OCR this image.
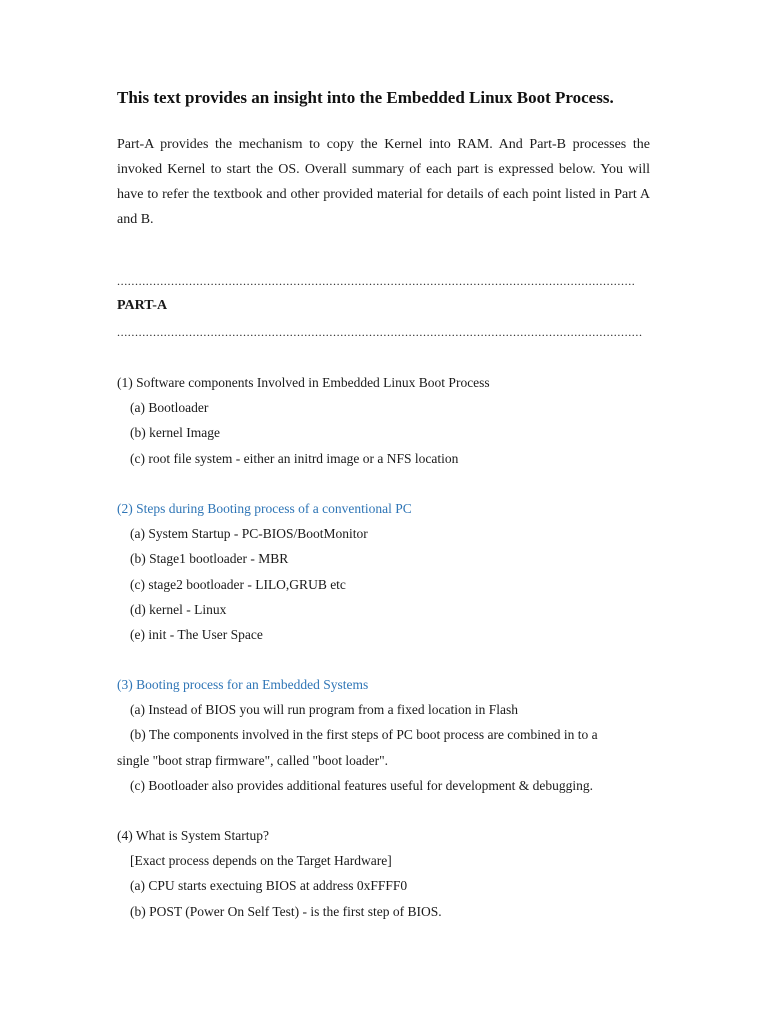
This text provides an insight into the Embedded Linux Boot Process.
Part-A provides the mechanism to copy the Kernel into RAM. And Part-B processes the invoked Kernel to start the OS. Overall summary of each part is expressed below. You will have to refer the textbook and other provided material for details of each point listed in Part A and B.
................................................................................................................................................
PART-A
..................................................................................................................................................
(1) Software components Involved in Embedded Linux Boot Process
(a) Bootloader
(b) kernel Image
(c) root file system - either an initrd image or a NFS location
(2) Steps during Booting process of a conventional PC
(a) System Startup - PC-BIOS/BootMonitor
(b) Stage1 bootloader - MBR
(c) stage2 bootloader - LILO,GRUB etc
(d) kernel - Linux
(e) init - The User Space
(3) Booting process for an Embedded Systems
(a) Instead of BIOS you will run program from a fixed location in Flash
(b) The components involved in the first steps of PC boot process are combined in to a
single "boot strap firmware", called "boot loader".
(c) Bootloader also provides additional features useful for development & debugging.
(4) What is System Startup?
[Exact process depends on the Target Hardware]
(a) CPU starts exectuing BIOS at address 0xFFFF0
(b) POST (Power On Self Test) - is the first step of BIOS.
